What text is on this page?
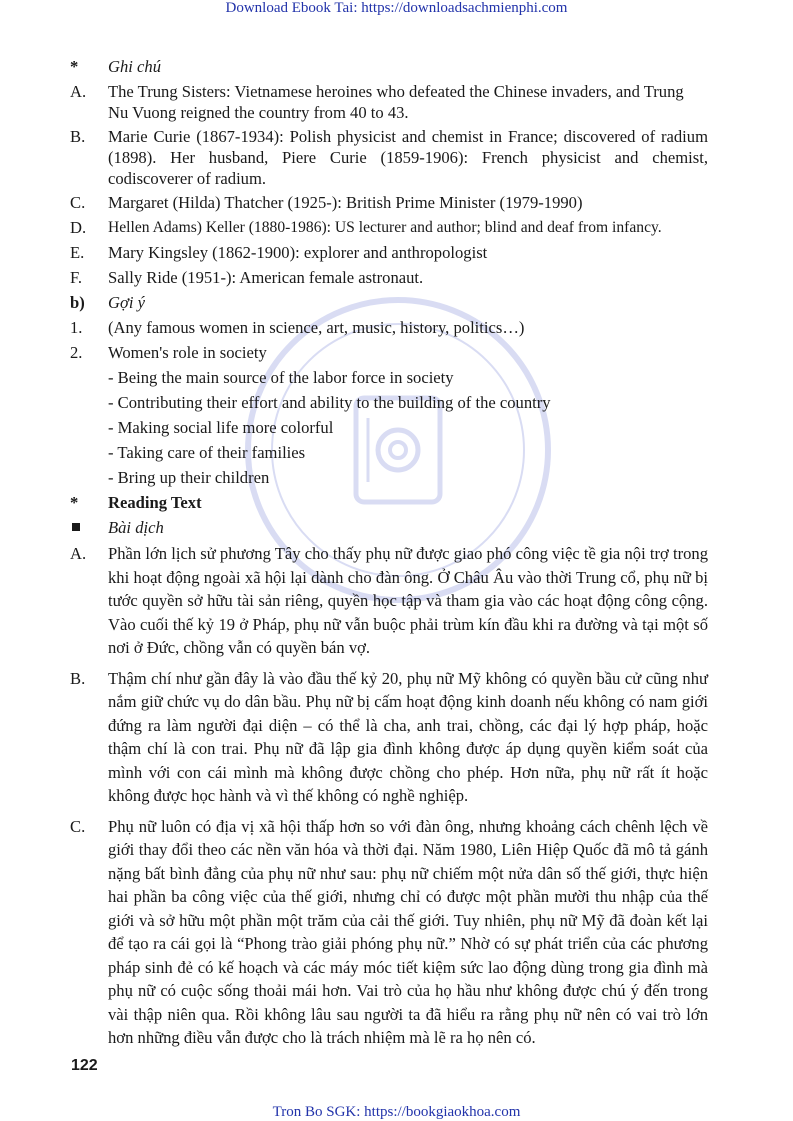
Download Ebook Tai: https://downloadsachmienphi.com
*	Ghi chú
A.	The Trung Sisters: Vietnamese heroines who defeated the Chinese invaders, and Trung Nu Vuong reigned the country from 40 to 43.
B.	Marie Curie (1867-1934): Polish physicist and chemist in France; discovered of radium (1898). Her husband, Piere Curie (1859-1906): French physicist and chemist, codiscoverer of radium.
C.	Margaret (Hilda) Thatcher (1925-): British Prime Minister (1979-1990)
D.	Hellen Adams) Keller (1880-1986): US lecturer and author; blind and deaf from infancy.
E.	Mary Kingsley (1862-1900): explorer and anthropologist
F.	Sally Ride (1951-): American female astronaut.
b)	Gợi ý
1.	(Any famous women in science, art, music, history, politics…)
2.	Women's role in society
- Being the main source of the labor force in society
- Contributing their effort and ability to the building of the country
- Making social life more colorful
- Taking care of their families
- Bring up their children
*	Reading Text
Bài dịch
A.	Phần lớn lịch sử phương Tây cho thấy phụ nữ được giao phó công việc tề gia nội trợ trong khi hoạt động ngoài xã hội lại dành cho đàn ông. Ở Châu Âu vào thời Trung cổ, phụ nữ bị tước quyền sở hữu tài sản riêng, quyền học tập và tham gia vào các hoạt động công cộng. Vào cuối thế kỷ 19 ở Pháp, phụ nữ vẫn buộc phải trùm kín đầu khi ra đường và tại một số nơi ở Đức, chồng vẫn có quyền bán vợ.
B.	Thậm chí như gần đây là vào đầu thế kỷ 20, phụ nữ Mỹ không có quyền bầu cử cũng như nắm giữ chức vụ do dân bầu. Phụ nữ bị cấm hoạt động kinh doanh nếu không có nam giới đứng ra làm người đại diện – có thể là cha, anh trai, chồng, các đại lý hợp pháp, hoặc thậm chí là con trai. Phụ nữ đã lập gia đình không được áp dụng quyền kiểm soát của mình với con cái mình mà không được chồng cho phép. Hơn nữa, phụ nữ rất ít hoặc không được học hành và vì thế không có nghề nghiệp.
C.	Phụ nữ luôn có địa vị xã hội thấp hơn so với đàn ông, nhưng khoảng cách chênh lệch về giới thay đổi theo các nền văn hóa và thời đại. Năm 1980, Liên Hiệp Quốc đã mô tả gánh nặng bất bình đẳng của phụ nữ như sau: phụ nữ chiếm một nửa dân số thế giới, thực hiện hai phần ba công việc của thế giới, nhưng chỉ có được một phần mười thu nhập của thế giới và sở hữu một phần một trăm của cải thế giới. Tuy nhiên, phụ nữ Mỹ đã đoàn kết lại để tạo ra cái gọi là “Phong trào giải phóng phụ nữ.” Nhờ có sự phát triển của các phương pháp sinh đẻ có kế hoạch và các máy móc tiết kiệm sức lao động dùng trong gia đình mà phụ nữ có cuộc sống thoải mái hơn. Vai trò của họ hầu như không được chú ý đến trong vài thập niên qua. Rồi không lâu sau người ta đã hiểu ra rằng phụ nữ nên có vai trò lớn hơn những điều vẫn được cho là trách nhiệm mà lẽ ra họ nên có.
122
Tron Bo SGK: https://bookgiaokhoa.com
